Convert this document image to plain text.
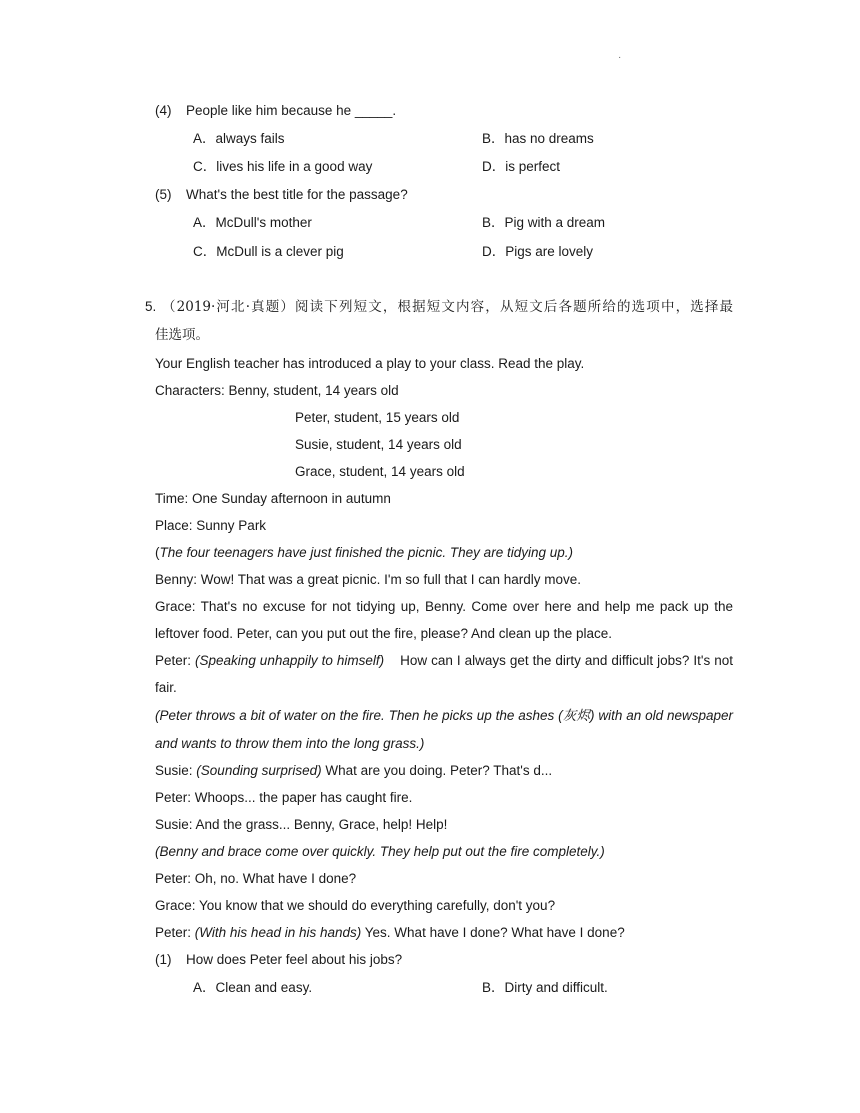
·
(4) People like him because he _____.
A．always fails	B．has no dreams
C．lives his life in a good way	D．is perfect
(5) What's the best title for the passage?
A．McDull's mother	B．Pig with a dream
C．McDull is a clever pig	D．Pigs are lovely
5. （2019·河北·真题）阅读下列短文，根据短文内容，从短文后各题所给的选项中，选择最
佳选项。
Your English teacher has introduced a play to your class. Read the play.
Characters: Benny, student, 14 years old
Peter, student, 15 years old
Susie, student, 14 years old
Grace, student, 14 years old
Time: One Sunday afternoon in autumn
Place: Sunny Park
(The four teenagers have just finished the picnic. They are tidying up.)
Benny: Wow! That was a great picnic. I'm so full that I can hardly move.
Grace: That's no excuse for not tidying up, Benny. Come over here and help me pack up the
leftover food. Peter, can you put out the fire, please? And clean up the place.
Peter: (Speaking unhappily to himself) How can I always get the dirty and difficult jobs? It's not
fair.
(Peter throws a bit of water on the fire. Then he picks up the ashes (灰烬) with an old newspaper
and wants to throw them into the long grass.)
Susie: (Sounding surprised) What are you doing. Peter? That's d...
Peter: Whoops... the paper has caught fire.
Susie: And the grass... Benny, Grace, help! Help!
(Benny and brace come over quickly. They help put out the fire completely.)
Peter: Oh, no. What have I done?
Grace: You know that we should do everything carefully, don't you?
Peter: (With his head in his hands) Yes. What have I done? What have I done?
(1) How does Peter feel about his jobs?
A．Clean and easy.	B．Dirty and difficult.
